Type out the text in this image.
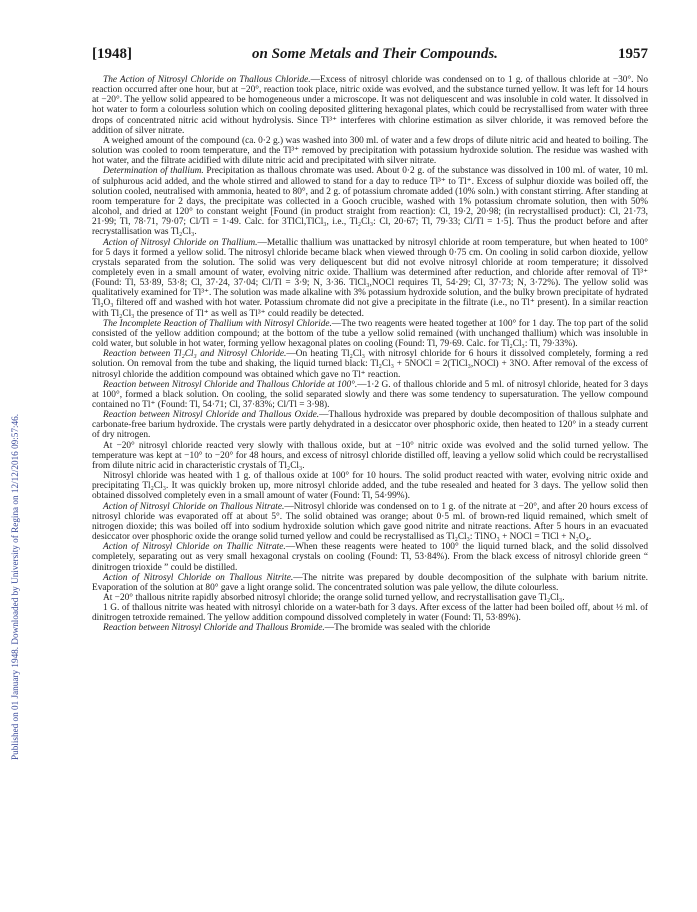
Published on 01 January 1948. Downloaded by University of Regina on 12/12/2016 09:57:46.
[1948]	on Some Metals and Their Compounds.	1957

The Action of Nitrosyl Chloride on Thallous Chloride.—Excess of nitrosyl chloride was condensed on to 1 g. of thallous chloride at −30°. No reaction occurred after one hour, but at −20°, reaction took place, nitric oxide was evolved, and the substance turned yellow. It was left for 14 hours at −20°. The yellow solid appeared to be homogeneous under a microscope. It was not deliquescent and was insoluble in cold water. It dissolved in hot water to form a colourless solution which on cooling deposited glittering hexagonal plates, which could be recrystallised from water with three drops of concentrated nitric acid without hydrolysis. Since Tl³⁺ interferes with chlorine estimation as silver chloride, it was removed before the addition of silver nitrate.

A weighed amount of the compound (ca. 0·2 g.) was washed into 300 ml. of water and a few drops of dilute nitric acid and heated to boiling. The solution was cooled to room temperature, and the Tl³⁺ removed by precipitation with potassium hydroxide solution. The residue was washed with hot water, and the filtrate acidified with dilute nitric acid and precipitated with silver nitrate.

Determination of thallium. Precipitation as thallous chromate was used. About 0·2 g. of the substance was dissolved in 100 ml. of water, 10 ml. of sulphurous acid added, and the whole stirred and allowed to stand for a day to reduce Tl³⁺ to Tl⁺. Excess of sulphur dioxide was boiled off, the solution cooled, neutralised with ammonia, heated to 80°, and 2 g. of potassium chromate added (10% soln.) with constant stirring. After standing at room temperature for 2 days, the precipitate was collected in a Gooch crucible, washed with 1% potassium chromate solution, then with 50% alcohol, and dried at 120° to constant weight [Found (in product straight from reaction): Cl, 19·2, 20·98; (in recrystallised product): Cl, 21·73, 21·99; Tl, 78·71, 79·07; Cl/Tl = 1·49. Calc. for 3TlCl,TlCl₃, i.e., Tl₂Cl₃: Cl, 20·67; Tl, 79·33; Cl/Tl = 1·5]. Thus the product before and after recrystallisation was Tl₂Cl₃.

Action of Nitrosyl Chloride on Thallium.—Metallic thallium was unattacked by nitrosyl chloride at room temperature, but when heated to 100° for 5 days it formed a yellow solid. The nitrosyl chloride became black when viewed through 0·75 cm. On cooling in solid carbon dioxide, yellow crystals separated from the solution. The solid was very deliquescent but did not evolve nitrosyl chloride at room temperature; it dissolved completely even in a small amount of water, evolving nitric oxide. Thallium was determined after reduction, and chloride after removal of Tl³⁺ (Found: Tl, 53·89, 53·8; Cl, 37·24, 37·04; Cl/Tl = 3·9; N, 3·36. TlCl₃,NOCl requires Tl, 54·29; Cl, 37·73; N, 3·72%). The yellow solid was qualitatively examined for Tl³⁺. The solution was made alkaline with 3% potassium hydroxide solution, and the bulky brown precipitate of hydrated Tl₂O₃ filtered off and washed with hot water. Potassium chromate did not give a precipitate in the filtrate (i.e., no Tl⁺ present). In a similar reaction with Tl₂Cl₃ the presence of Tl⁺ as well as Tl³⁺ could readily be detected.

The Incomplete Reaction of Thallium with Nitrosyl Chloride.—The two reagents were heated together at 100° for 1 day. The top part of the solid consisted of the yellow addition compound; at the bottom of the tube a yellow solid remained (with unchanged thallium) which was insoluble in cold water, but soluble in hot water, forming yellow hexagonal plates on cooling (Found: Tl, 79·69. Calc. for Tl₂Cl₃: Tl, 79·33%).

Reaction between Tl₂Cl₃ and Nitrosyl Chloride.—On heating Tl₂Cl₃ with nitrosyl chloride for 6 hours it dissolved completely, forming a red solution. On removal from the tube and shaking, the liquid turned black: Tl₂Cl₃ + 5NOCl = 2(TlCl₃,NOCl) + 3NO. After removal of the excess of nitrosyl chloride the addition compound was obtained which gave no Tl⁺ reaction.

Reaction between Nitrosyl Chloride and Thallous Chloride at 100°.—1·2 G. of thallous chloride and 5 ml. of nitrosyl chloride, heated for 3 days at 100°, formed a black solution. On cooling, the solid separated slowly and there was some tendency to supersaturation. The yellow compound contained no Tl⁺ (Found: Tl, 54·71; Cl, 37·83%; Cl/Tl = 3·98).

Reaction between Nitrosyl Chloride and Thallous Oxide.—Thallous hydroxide was prepared by double decomposition of thallous sulphate and carbonate-free barium hydroxide. The crystals were partly dehydrated in a desiccator over phosphoric oxide, then heated to 120° in a steady current of dry nitrogen.

At −20° nitrosyl chloride reacted very slowly with thallous oxide, but at −10° nitric oxide was evolved and the solid turned yellow. The temperature was kept at −10° to −20° for 48 hours, and excess of nitrosyl chloride distilled off, leaving a yellow solid which could be recrystallised from dilute nitric acid in characteristic crystals of Tl₂Cl₃.

Nitrosyl chloride was heated with 1 g. of thallous oxide at 100° for 10 hours. The solid product reacted with water, evolving nitric oxide and precipitating Tl₂Cl₃. It was quickly broken up, more nitrosyl chloride added, and the tube resealed and heated for 3 days. The yellow solid then obtained dissolved completely even in a small amount of water (Found: Tl, 54·99%).

Action of Nitrosyl Chloride on Thallous Nitrate.—Nitrosyl chloride was condensed on to 1 g. of the nitrate at −20°, and after 20 hours excess of nitrosyl chloride was evaporated off at about 5°. The solid obtained was orange; about 0·5 ml. of brown-red liquid remained, which smelt of nitrogen dioxide; this was boiled off into sodium hydroxide solution which gave good nitrite and nitrate reactions. After 5 hours in an evacuated desiccator over phosphoric oxide the orange solid turned yellow and could be recrystallised as Tl₂Cl₃: TlNO₃ + NOCl = TlCl + N₂O₄.

Action of Nitrosyl Chloride on Thallic Nitrate.—When these reagents were heated to 100° the liquid turned black, and the solid dissolved completely, separating out as very small hexagonal crystals on cooling (Found: Tl, 53·84%). From the black excess of nitrosyl chloride green “ dinitrogen trioxide ” could be distilled.

Action of Nitrosyl Chloride on Thallous Nitrite.—The nitrite was prepared by double decomposition of the sulphate with barium nitrite. Evaporation of the solution at 80° gave a light orange solid. The concentrated solution was pale yellow, the dilute colourless.

At −20° thallous nitrite rapidly absorbed nitrosyl chloride; the orange solid turned yellow, and recrystallisation gave Tl₂Cl₃.

1 G. of thallous nitrite was heated with nitrosyl chloride on a water-bath for 3 days. After excess of the latter had been boiled off, about ½ ml. of dinitrogen tetroxide remained. The yellow addition compound dissolved completely in water (Found: Tl, 53·89%).

Reaction between Nitrosyl Chloride and Thallous Bromide.—The bromide was sealed with the chloride
